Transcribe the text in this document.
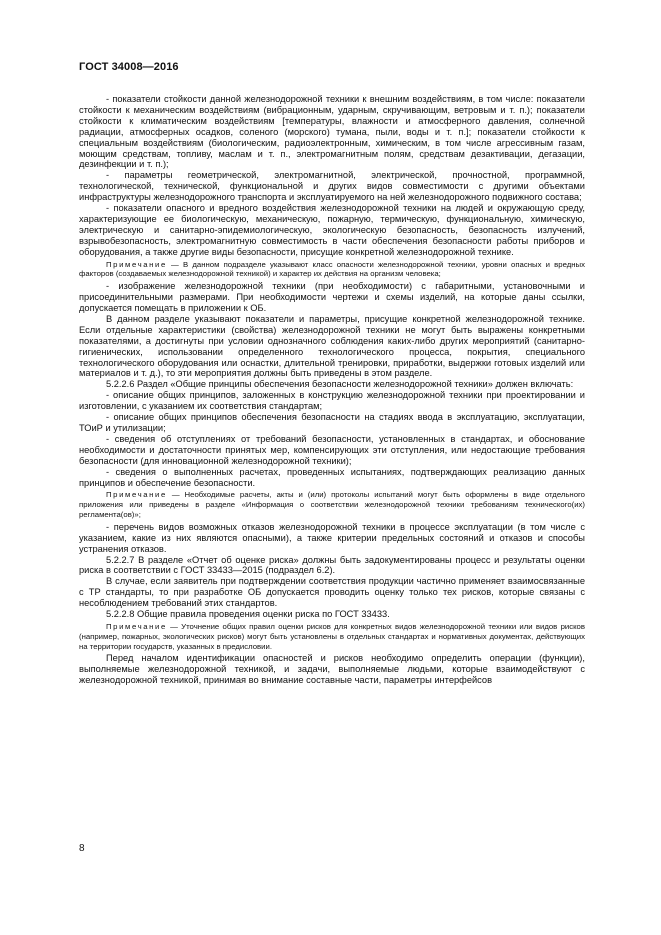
ГОСТ 34008—2016

- показатели стойкости данной железнодорожной техники к внешним воздействиям, в том числе: показатели стойкости к механическим воздействиям (вибрационным, ударным, скручивающим, ветровым и т. п.); показатели стойкости к климатическим воздействиям [температуры, влажности и атмосферного давления, солнечной радиации, атмосферных осадков, соленого (морского) тумана, пыли, воды и т. п.]; показатели стойкости к специальным воздействиям (биологическим, радиоэлектронным, химическим, в том числе агрессивным газам, моющим средствам, топливу, маслам и т. п., электромагнитным полям, средствам дезактивации, дегазации, дезинфекции и т. п.);

- параметры геометрической, электромагнитной, электрической, прочностной, программной, технологической, технической, функциональной и других видов совместимости с другими объектами инфраструктуры железнодорожного транспорта и эксплуатируемого на ней железнодорожного подвижного состава;

- показатели опасного и вредного воздействия железнодорожной техники на людей и окружающую среду, характеризующие ее биологическую, механическую, пожарную, термическую, функциональную, химическую, электрическую и санитарно-эпидемиологическую, экологическую безопасность, безопасность излучений, взрывобезопасность, электромагнитную совместимость в части обеспечения безопасности работы приборов и оборудования, а также другие виды безопасности, присущие конкретной железнодорожной технике.

Примечание — В данном подразделе указывают класс опасности железнодорожной техники, уровни опасных и вредных факторов (создаваемых железнодорожной техникой) и характер их действия на организм человека;

- изображение железнодорожной техники (при необходимости) с габаритными, установочными и присоединительными размерами. При необходимости чертежи и схемы изделий, на которые даны ссылки, допускается помещать в приложении к ОБ.

В данном разделе указывают показатели и параметры, присущие конкретной железнодорожной технике. Если отдельные характеристики (свойства) железнодорожной техники не могут быть выражены конкретными показателями, а достигнуты при условии однозначного соблюдения каких-либо других мероприятий (санитарно-гигиенических, использовании определенного технологического процесса, покрытия, специального технологического оборудования или оснастки, длительной тренировки, приработки, выдержки готовых изделий или материалов и т. д.), то эти мероприятия должны быть приведены в этом разделе.

5.2.2.6 Раздел «Общие принципы обеспечения безопасности железнодорожной техники» должен включать:

- описание общих принципов, заложенных в конструкцию железнодорожной техники при проектировании и изготовлении, с указанием их соответствия стандартам;

- описание общих принципов обеспечения безопасности на стадиях ввода в эксплуатацию, эксплуатации, ТОиР и утилизации;

- сведения об отступлениях от требований безопасности, установленных в стандартах, и обоснование необходимости и достаточности принятых мер, компенсирующих эти отступления, или недостающие требования безопасности (для инновационной железнодорожной техники);

- сведения о выполненных расчетах, проведенных испытаниях, подтверждающих реализацию данных принципов и обеспечение безопасности.

Примечание — Необходимые расчеты, акты и (или) протоколы испытаний могут быть оформлены в виде отдельного приложения или приведены в разделе «Информация о соответствии железнодорожной техники требованиям технического(их) регламента(ов)»;

- перечень видов возможных отказов железнодорожной техники в процессе эксплуатации (в том числе с указанием, какие из них являются опасными), а также критерии предельных состояний и отказов и способы устранения отказов.

5.2.2.7 В разделе «Отчет об оценке риска» должны быть задокументированы процесс и результаты оценки риска в соответствии с ГОСТ 33433—2015 (подраздел 6.2).

В случае, если заявитель при подтверждении соответствия продукции частично применяет взаимосвязанные с ТР стандарты, то при разработке ОБ допускается проводить оценку только тех рисков, которые связаны с несоблюдением требований этих стандартов.

5.2.2.8 Общие правила проведения оценки риска по ГОСТ 33433.

Примечание — Уточнение общих правил оценки рисков для конкретных видов железнодорожной техники или видов рисков (например, пожарных, экологических рисков) могут быть установлены в отдельных стандартах и нормативных документах, действующих на территории государств, указанных в предисловии.

Перед началом идентификации опасностей и рисков необходимо определить операции (функции), выполняемые железнодорожной техникой, и задачи, выполняемые людьми, которые взаимодействуют с железнодорожной техникой, принимая во внимание составные части, параметры интерфейсов

8
